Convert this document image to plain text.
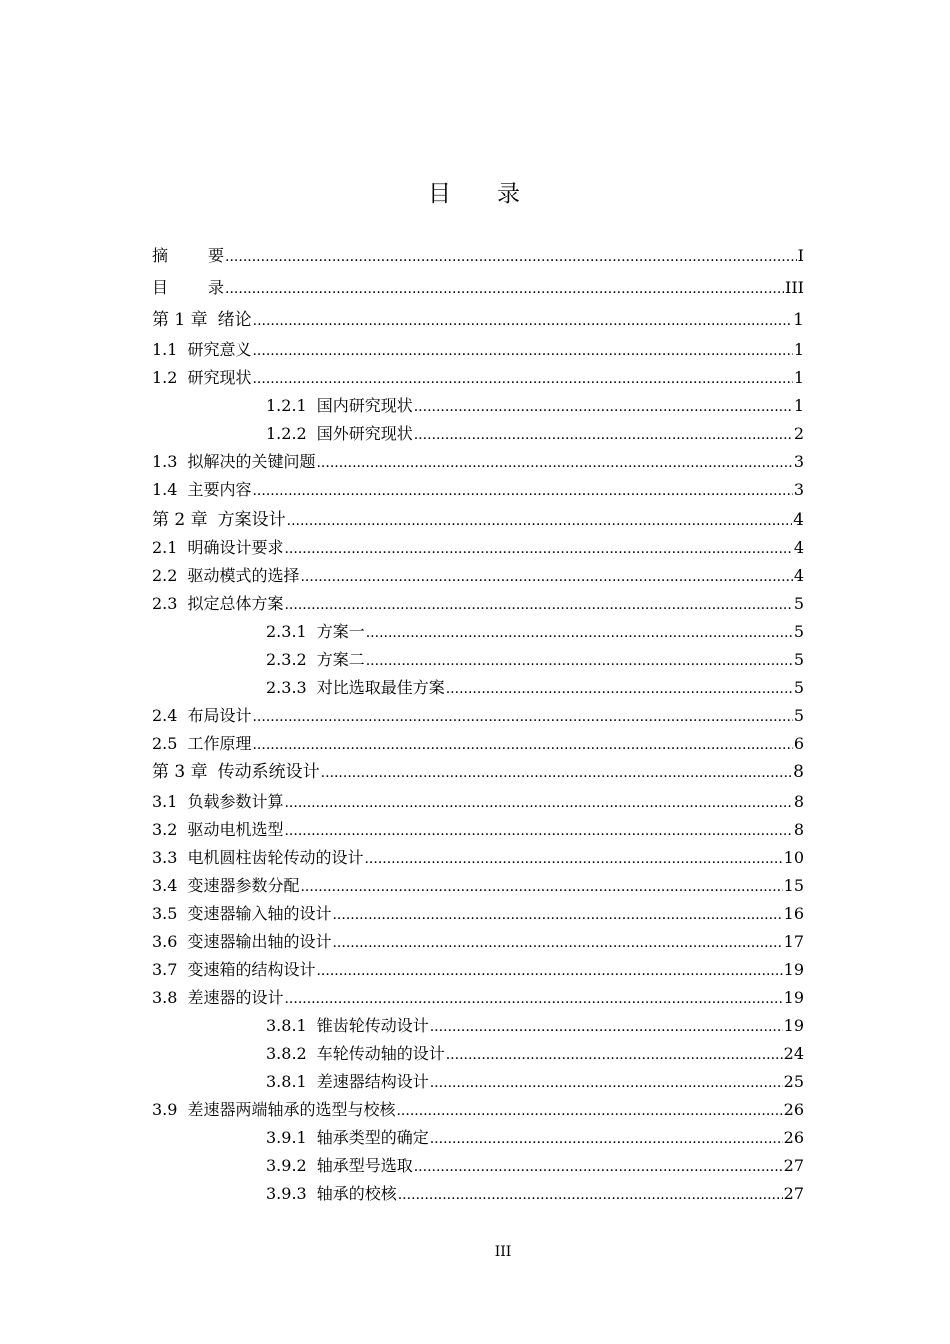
目 录
摘	要 .....	I
目	录 .....	III
第 1 章 绪论 .....	1
1.1 研究意义 .....	1
1.2 研究现状 .....	1
1.2.1 国内研究现状 .....	1
1.2.2 国外研究现状 .....	2
1.3 拟解决的关键问题 .....	3
1.4 主要内容 .....	3
第 2 章 方案设计 .....	4
2.1 明确设计要求 .....	4
2.2 驱动模式的选择 .....	4
2.3 拟定总体方案 .....	5
2.3.1 方案一 .....	5
2.3.2 方案二 .....	5
2.3.3 对比选取最佳方案 .....	5
2.4 布局设计 .....	5
2.5 工作原理 .....	6
第 3 章 传动系统设计 .....	8
3.1 负载参数计算 .....	8
3.2 驱动电机选型 .....	8
3.3 电机圆柱齿轮传动的设计 .....	10
3.4 变速器参数分配 .....	15
3.5 变速器输入轴的设计 .....	16
3.6 变速器输出轴的设计 .....	17
3.7 变速箱的结构设计 .....	19
3.8 差速器的设计 .....	19
3.8.1 锥齿轮传动设计 .....	19
3.8.2 车轮传动轴的设计 .....	24
3.8.1 差速器结构设计 .....	25
3.9 差速器两端轴承的选型与校核 .....	26
3.9.1 轴承类型的确定 .....	26
3.9.2 轴承型号选取 .....	27
3.9.3 轴承的校核 .....	27
III
